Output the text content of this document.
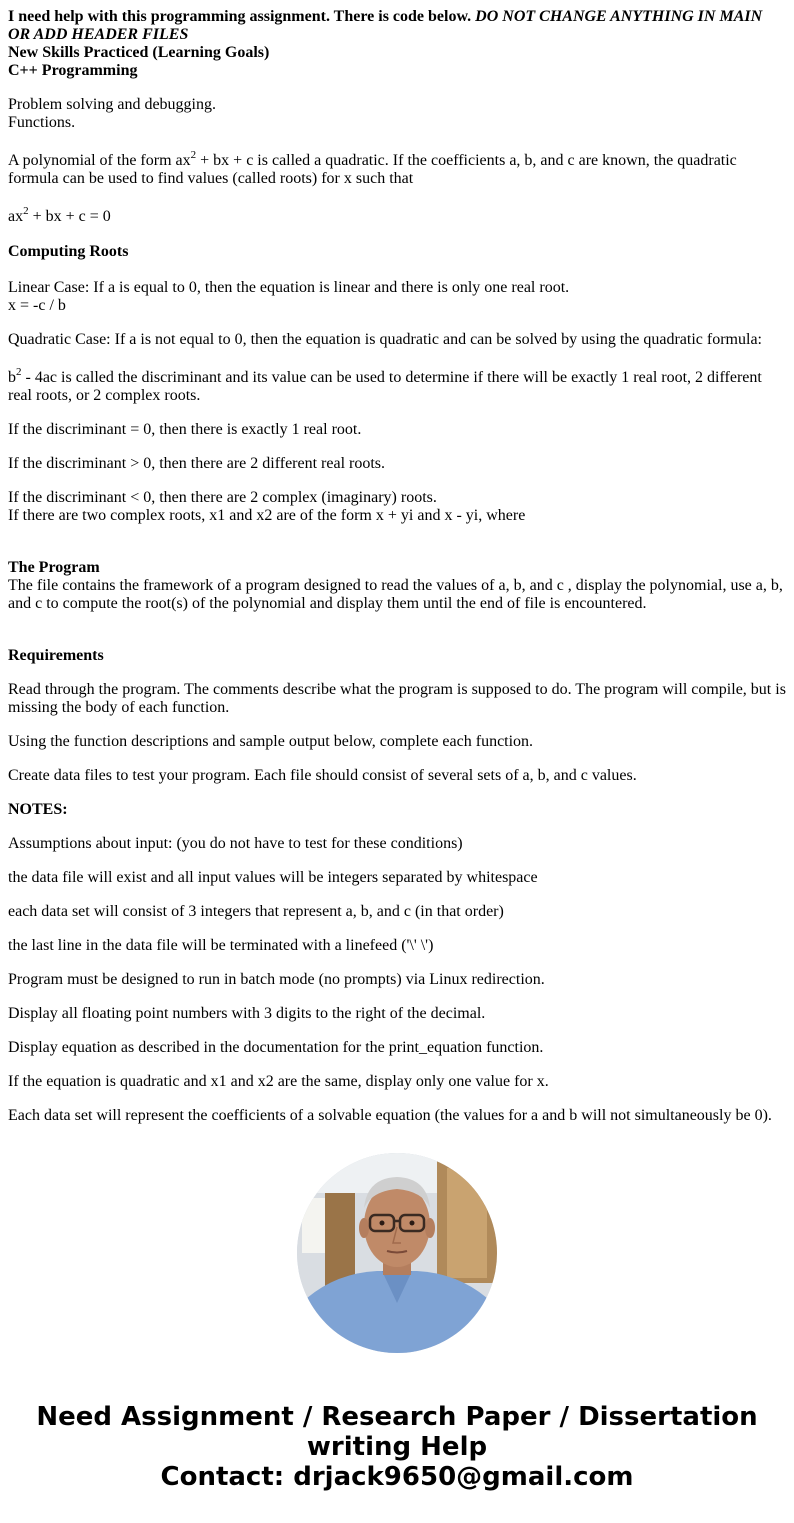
I need help with this programming assignment. There is code below. DO NOT CHANGE ANYTHING IN MAIN OR ADD HEADER FILES

New Skills Practiced (Learning Goals)

C++ Programming

Problem solving and debugging.

Functions.

A polynomial of the form $ax^2$ + bx + c is called a quadratic. If the coefficients a, b, and c are known, the quadratic formula can be used to find values (called roots) for x such that

$ax^2$ + bx + c = 0

Computing Roots

Linear Case: If a is equal to 0, then the equation is linear and there is only one real root.

x = -c / b

Quadratic Case: If a is not equal to 0, then the equation is quadratic and can be solved by using the quadratic formula:

$b^2 - 4ac$ is called the discriminant and its value can be used to determine if there will be exactly 1 real root, 2 different real roots, or 2 complex roots.

If the discriminant = 0, then there is exactly 1 real root.

If the discriminant > 0, then there are 2 different real roots.

If the discriminant < 0, then there are 2 complex (imaginary) roots.

If there are two complex roots, x1 and x2 are of the form x + yi and x - yi, where

The Program

The file contains the framework of a program designed to read the values of a, b, and c , display the polynomial, use a, b, and c to compute the root(s) of the polynomial and display them until the end of file is encountered.

Requirements

Read through the program. The comments describe what the program is supposed to do. The program will compile, but is missing the body of each function.

Using the function descriptions and sample output below, complete each function.

Create data files to test your program. Each file should consist of several sets of a, b, and c values.

NOTES:

Assumptions about input: (you do not have to test for these conditions)

the data file will exist and all input values will be integers separated by whitespace

each data set will consist of 3 integers that represent a, b, and c (in that order)

the last line in the data file will be terminated with a linefeed ('\' \')

Program must be designed to run in batch mode (no prompts) via Linux redirection.

Display all floating point numbers with 3 digits to the right of the decimal.

Display equation as described in the documentation for the print_equation function.

If the equation is quadratic and x1 and x2 are the same, display only one value for x.

Each data set will represent the coefficients of a solvable equation (the values for a and b will not simultaneously be 0).

Need Assignment / Research Paper / Dissertation
writing Help
Contact: drjack9650@gmail.com
